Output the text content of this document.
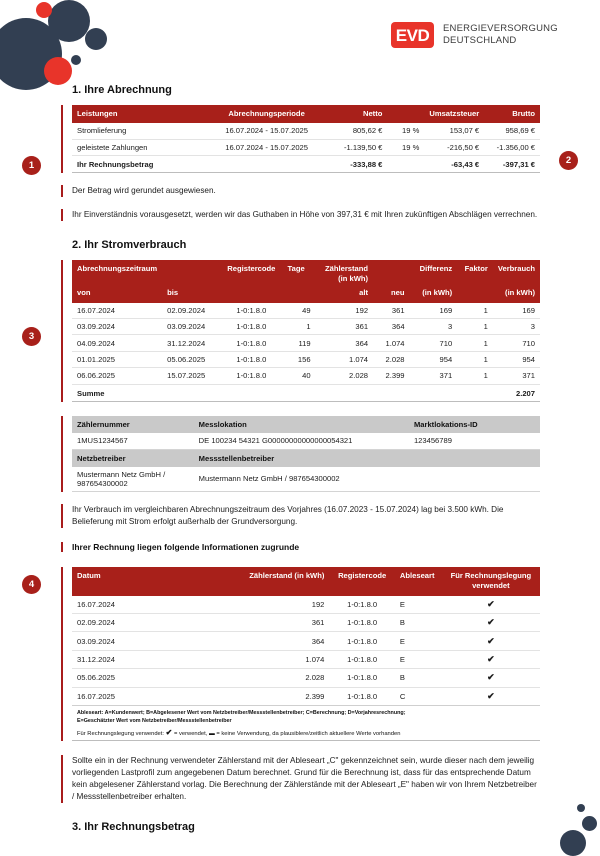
EVD ENERGIEVERSORGUNG
DEUTSCHLAND
1	2
3
4
1. Ihre Abrechnung
Leistungen	Abrechnungsperiode	Netto		Umsatzsteuer	Brutto
Stromlieferung	16.07.2024 - 15.07.2025	805,62 €	19 %	153,07 €	958,69 €
geleistete Zahlungen	16.07.2024 - 15.07.2025	-1.139,50 €	19 %	-216,50 €	-1.356,00 €
Ihr Rechnungsbetrag		-333,88 €		-63,43 €	-397,31 €

Der Betrag wird gerundet ausgewiesen.

Ihr Einverständnis vorausgesetzt, werden wir das Guthaben in Höhe von 397,31 € mit Ihren zukünftigen Abschlägen verrechnen.

2. Ihr Stromverbrauch
Abrechnungszeitraum		Registercode	Tage	Zählerstand (in kWh)		Differenz	Faktor	Verbrauch
von	bis			alt	neu	(in kWh)		(in kWh)
16.07.2024	02.09.2024	1-0:1.8.0	49	192	361	169	1	169
03.09.2024	03.09.2024	1-0:1.8.0	1	361	364	3	1	3
04.09.2024	31.12.2024	1-0:1.8.0	119	364	1.074	710	1	710
01.01.2025	05.06.2025	1-0:1.8.0	156	1.074	2.028	954	1	954
06.06.2025	15.07.2025	1-0:1.8.0	40	2.028	2.399	371	1	371
Summe								2.207
Zählernummer	Messlokation	Marktlokations-ID
1MUS1234567	DE 100234 54321 G00000000000000054321	123456789
Netzbetreiber	Messstellenbetreiber	
Mustermann Netz GmbH / 987654300002	Mustermann Netz GmbH / 987654300002	

Ihr Verbrauch im vergleichbaren Abrechnungszeitraum des Vorjahres (16.07.2023 - 15.07.2024) lag bei 3.500 kWh. Die Belieferung mit Strom erfolgt außerhalb der Grundversorgung.

Ihrer Rechnung liegen folgende Informationen zugrunde

Datum	Zählerstand (in kWh)	Registercode	Ableseart	Für Rechnungslegung verwendet
16.07.2024	192	1-0:1.8.0	E	✔
02.09.2024	361	1-0:1.8.0	B	✔
03.09.2024	364	1-0:1.8.0	E	✔
31.12.2024	1.074	1-0:1.8.0	E	✔
05.06.2025	2.028	1-0:1.8.0	B	✔
16.07.2025	2.399	1-0:1.8.0	C	✔
Ableseart: A=Kundenwert; B=Abgelesener Wert vom Netzbetreiber/Messstellenbetreiber; C=Berechnung; D=Vorjahresrechnung;
E=Geschätzter Wert vom Netzbetreiber/Messstellenbetreiber
Für Rechnungslegung verwendet: ✔ = verwendet, ▬ = keine Verwendung, da plausiblere/zeitlich aktuellere Werte vorhanden

Sollte ein in der Rechnung verwendeter Zählerstand mit der Ableseart „C" gekennzeichnet sein, wurde dieser nach dem jeweilig vorliegenden Lastprofil zum angegebenen Datum berechnet. Grund für die Berechnung ist, dass für das entsprechende Datum kein abgelesener Zählerstand vorlag. Die Berechnung der Zählerstände mit der Ableseart „E" haben wir von Ihrem Netzbetreiber / Messstellenbetreiber erhalten.

3. Ihr Rechnungsbetrag
